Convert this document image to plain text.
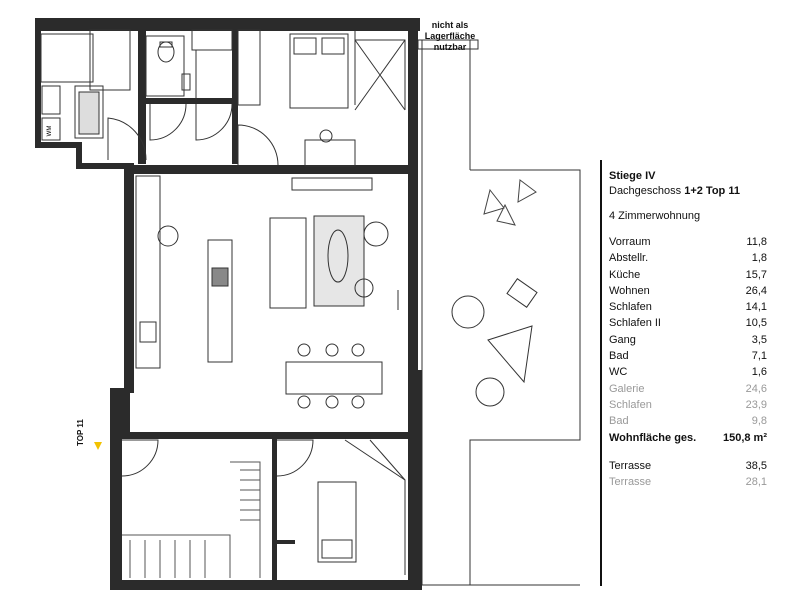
WM
nicht als
Lagerfläche
nutzbar
TOP 11
Stiege IV
Dachgeschoss 1+2 Top 11
4 Zimmerwohnung
Vorraum	11,8
Abstellr.	1,8
Küche	15,7
Wohnen	26,4
Schlafen	14,1
Schlafen II	10,5
Gang	3,5
Bad	7,1
WC	1,6
Galerie	24,6
Schlafen	23,9
Bad	9,8
Wohnfläche ges. 150,8 m²
Terrasse	38,5
Terrasse	28,1
